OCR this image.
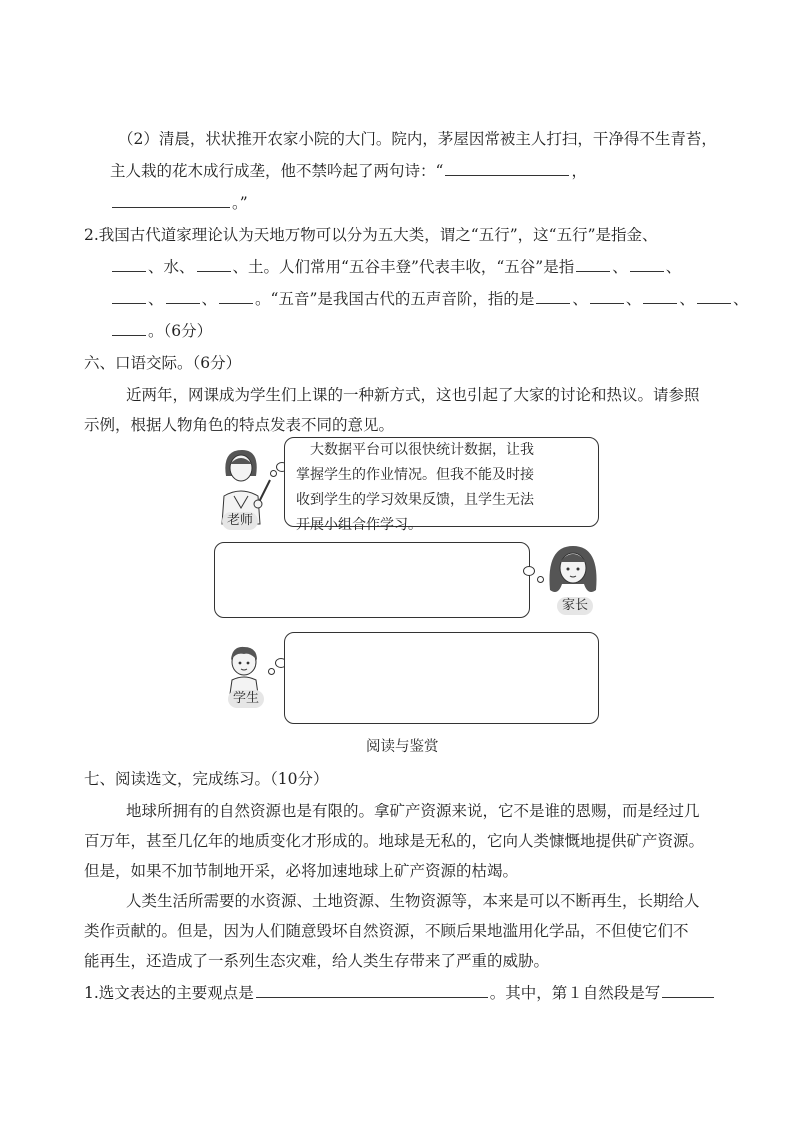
（2）清晨，状状推开农家小院的大门。院内，茅屋因常被主人打扫，干净得不生青苔，
主人栽的花木成行成垄，他不禁吟起了两句诗：“	，
。”
2.我国古代道家理论认为天地万物可以分为五大类，谓之“五行”，这“五行”是指金、
、水、 、土。人们常用“五谷丰登”代表丰收，“五谷”是指 、 、
、 、 。“五音”是我国古代的五声音阶，指的是 、 、 、 、
。（6分）
六、口语交际。（6分）
近两年，网课成为学生们上课的一种新方式，这也引起了大家的讨论和热议。请参照
示例，根据人物角色的特点发表不同的意见。
老师
　大数据平台可以很快统计数据，让我
掌握学生的作业情况。但我不能及时接
收到学生的学习效果反馈，且学生无法
开展小组合作学习。
家长
学生
阅读与鉴赏
七、阅读选文，完成练习。（10分）
地球所拥有的自然资源也是有限的。拿矿产资源来说，它不是谁的恩赐，而是经过几
百万年，甚至几亿年的地质变化才形成的。地球是无私的，它向人类慷慨地提供矿产资源。
但是，如果不加节制地开采，必将加速地球上矿产资源的枯竭。
人类生活所需要的水资源、土地资源、生物资源等，本来是可以不断再生，长期给人
类作贡献的。但是，因为人们随意毁坏自然资源，不顾后果地滥用化学品，不但使它们不
能再生，还造成了一系列生态灾难，给人类生存带来了严重的威胁。
1.选文表达的主要观点是	。其中，第１自然段是写
